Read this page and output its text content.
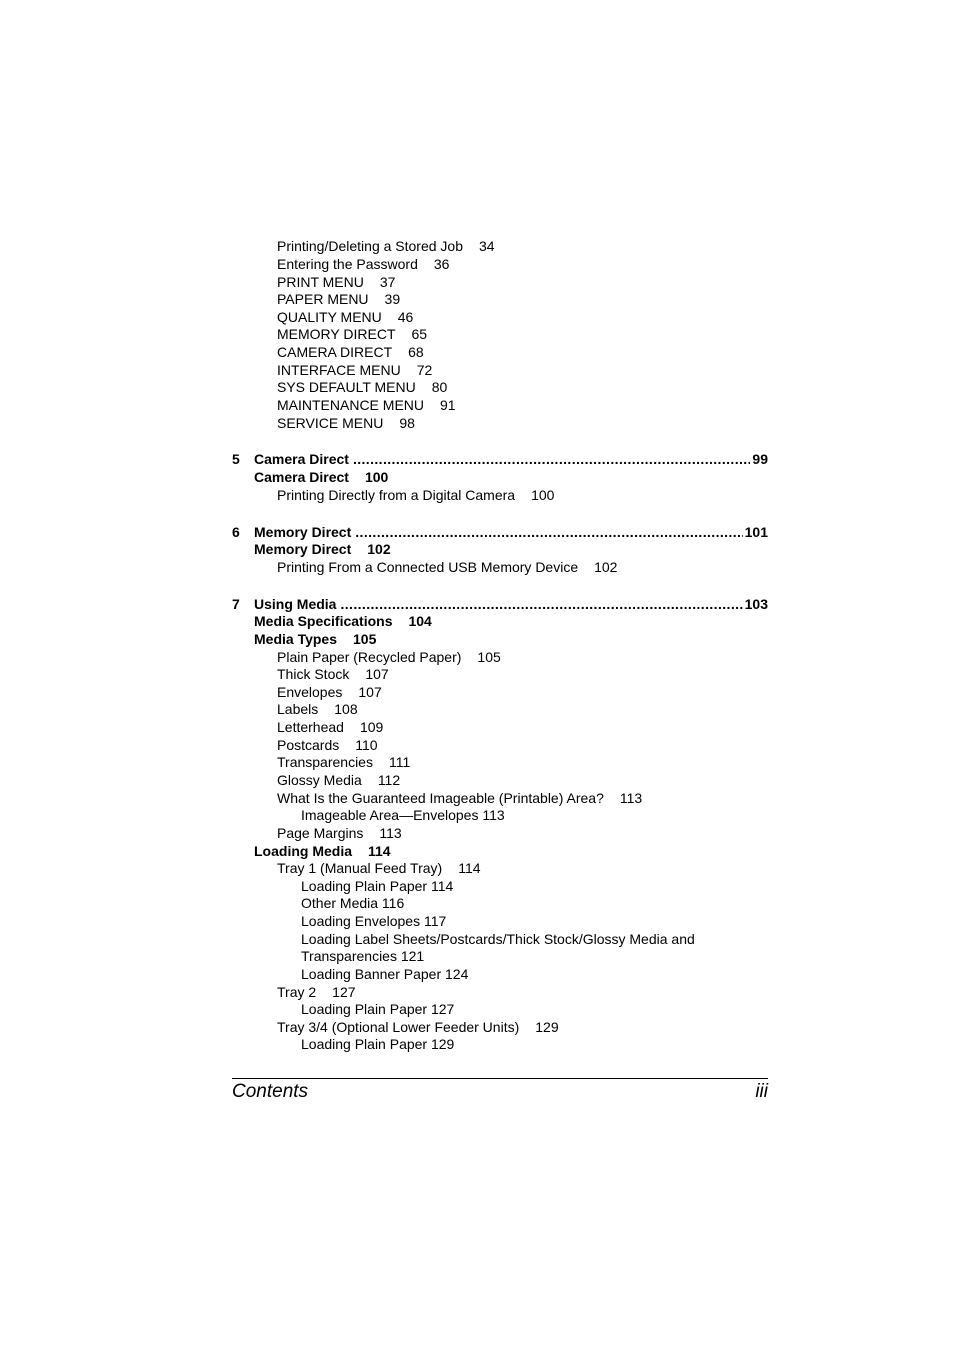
Printing/Deleting a Stored Job 34
Entering the Password 36
PRINT MENU 37
PAPER MENU 39
QUALITY MENU 46
MEMORY DIRECT 65
CAMERA DIRECT 68
INTERFACE MENU 72
SYS DEFAULT MENU 80
MAINTENANCE MENU 91
SERVICE MENU 98
5	Camera Direct .....	99
Camera Direct 100
Printing Directly from a Digital Camera 100
6	Memory Direct .....	101
Memory Direct 102
Printing From a Connected USB Memory Device 102
7	Using Media .....	103
Media Specifications 104
Media Types 105
Plain Paper (Recycled Paper) 105
Thick Stock 107
Envelopes 107
Labels 108
Letterhead 109
Postcards 110
Transparencies 111
Glossy Media 112
What Is the Guaranteed Imageable (Printable) Area? 113
Imageable Area—Envelopes 113
Page Margins 113
Loading Media 114
Tray 1 (Manual Feed Tray) 114
Loading Plain Paper 114
Other Media 116
Loading Envelopes 117
Loading Label Sheets/Postcards/Thick Stock/Glossy Media and
Transparencies 121
Loading Banner Paper 124
Tray 2 127
Loading Plain Paper 127
Tray 3/4 (Optional Lower Feeder Units) 129
Loading Plain Paper 129
Contents	iii
